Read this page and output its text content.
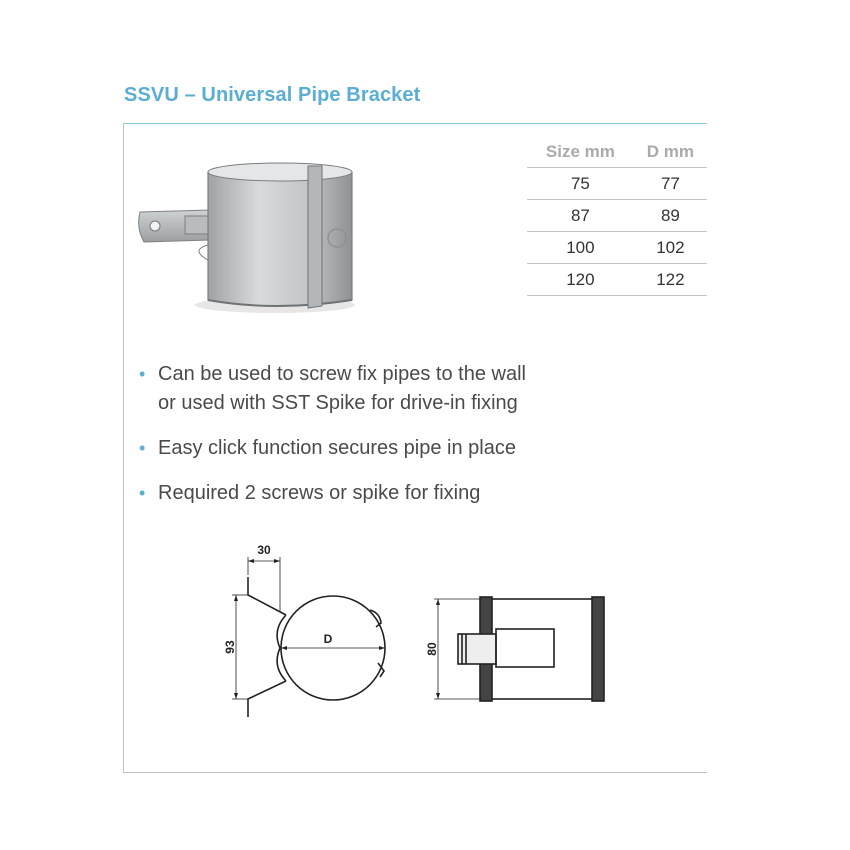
SSVU – Universal Pipe Bracket
Size mm	D mm
75	77
87	89
100	102
120	122
• Can be used to screw fix pipes to the wall
or used with SST Spike for drive-in fixing
• Easy click function secures pipe in place
• Required 2 screws or spike for fixing
30
93
D
80
